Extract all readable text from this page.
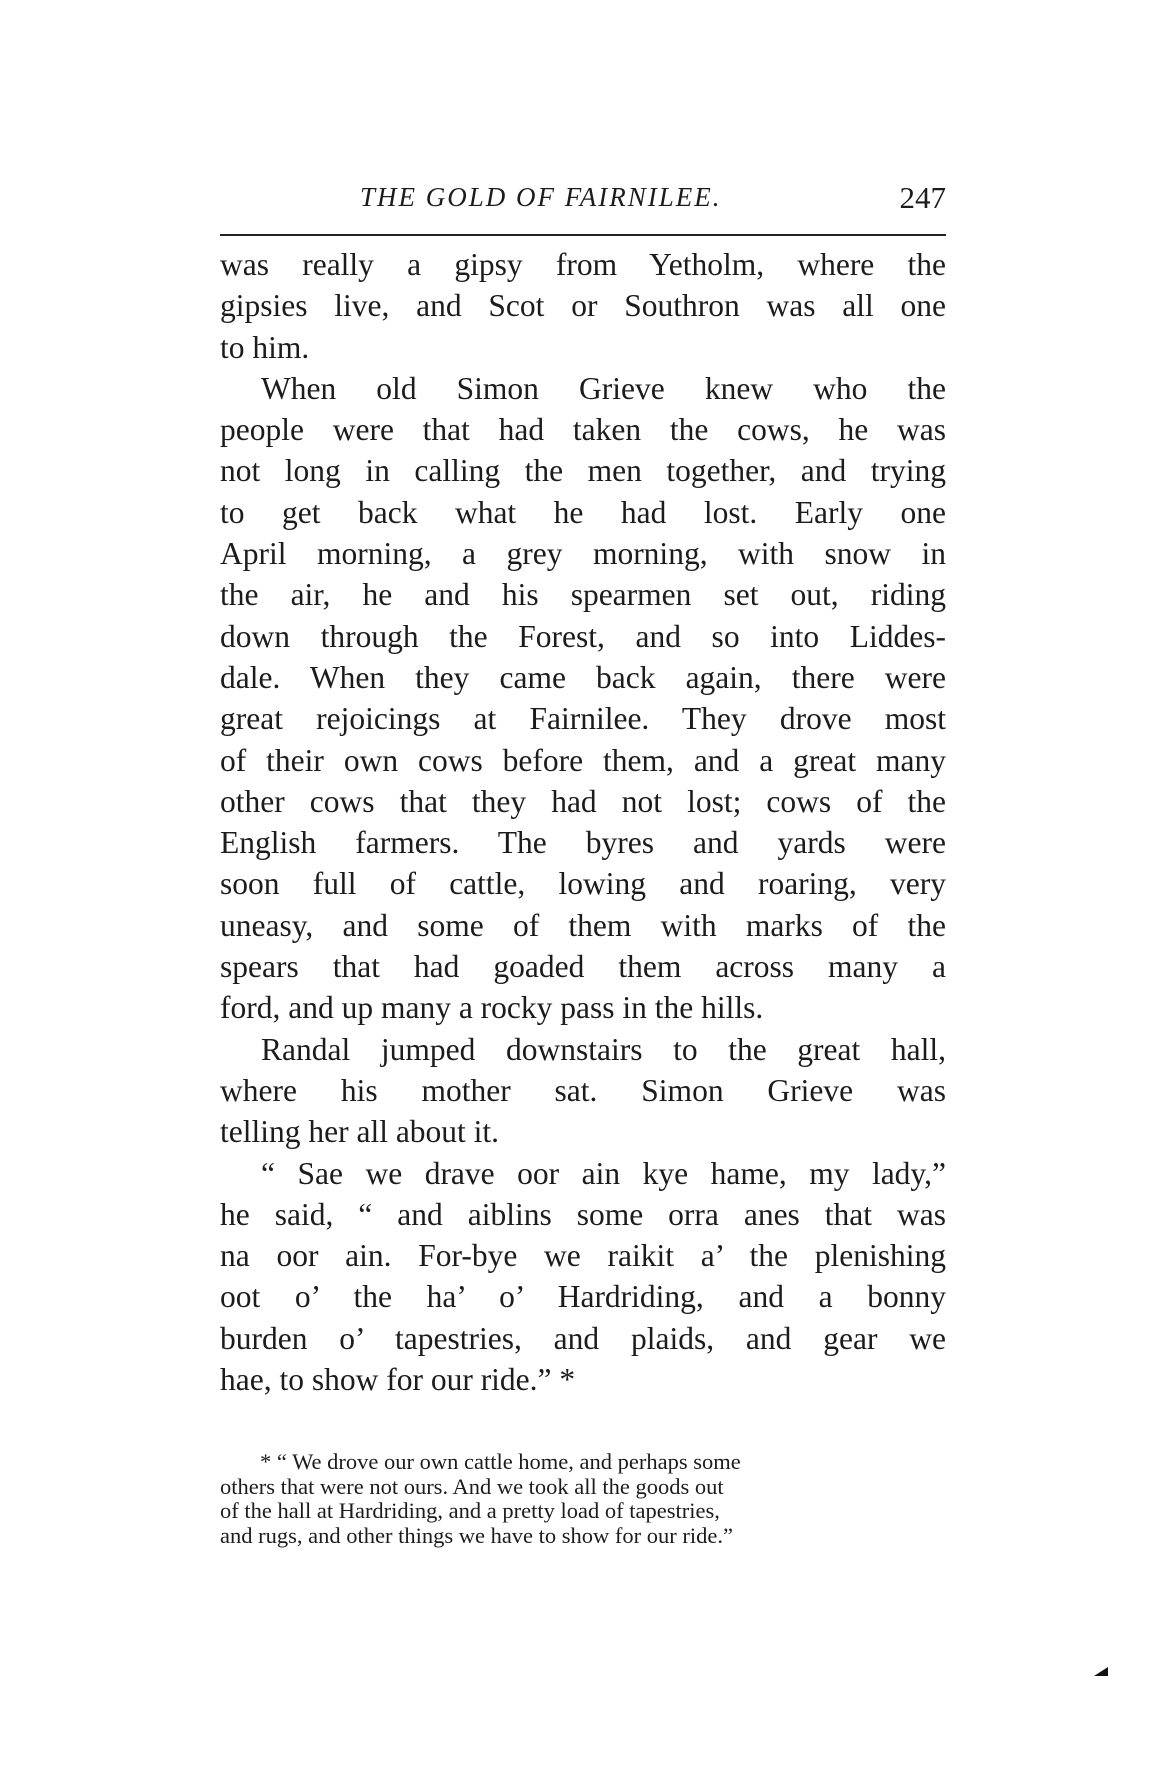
THE GOLD OF FAIRNILEE.	247
was really a gipsy from Yetholm, where the
gipsies live, and Scot or Southron was all one
to him.
When old Simon Grieve knew who the
people were that had taken the cows, he was
not long in calling the men together, and trying
to get back what he had lost. Early one
April morning, a grey morning, with snow in
the air, he and his spearmen set out, riding
down through the Forest, and so into Liddes-
dale. When they came back again, there were
great rejoicings at Fairnilee. They drove most
of their own cows before them, and a great many
other cows that they had not lost; cows of the
English farmers. The byres and yards were
soon full of cattle, lowing and roaring, very
uneasy, and some of them with marks of the
spears that had goaded them across many a
ford, and up many a rocky pass in the hills.
Randal jumped downstairs to the great hall,
where his mother sat. Simon Grieve was
telling her all about it.
“ Sae we drave oor ain kye hame, my lady,”
he said, “ and aiblins some orra anes that was
na oor ain. For-bye we raikit a’ the plenishing
oot o’ the ha’ o’ Hardriding, and a bonny
burden o’ tapestries, and plaids, and gear we
hae, to show for our ride.” *
* “ We drove our own cattle home, and perhaps some
others that were not ours. And we took all the goods out
of the hall at Hardriding, and a pretty load of tapestries,
and rugs, and other things we have to show for our ride.”
